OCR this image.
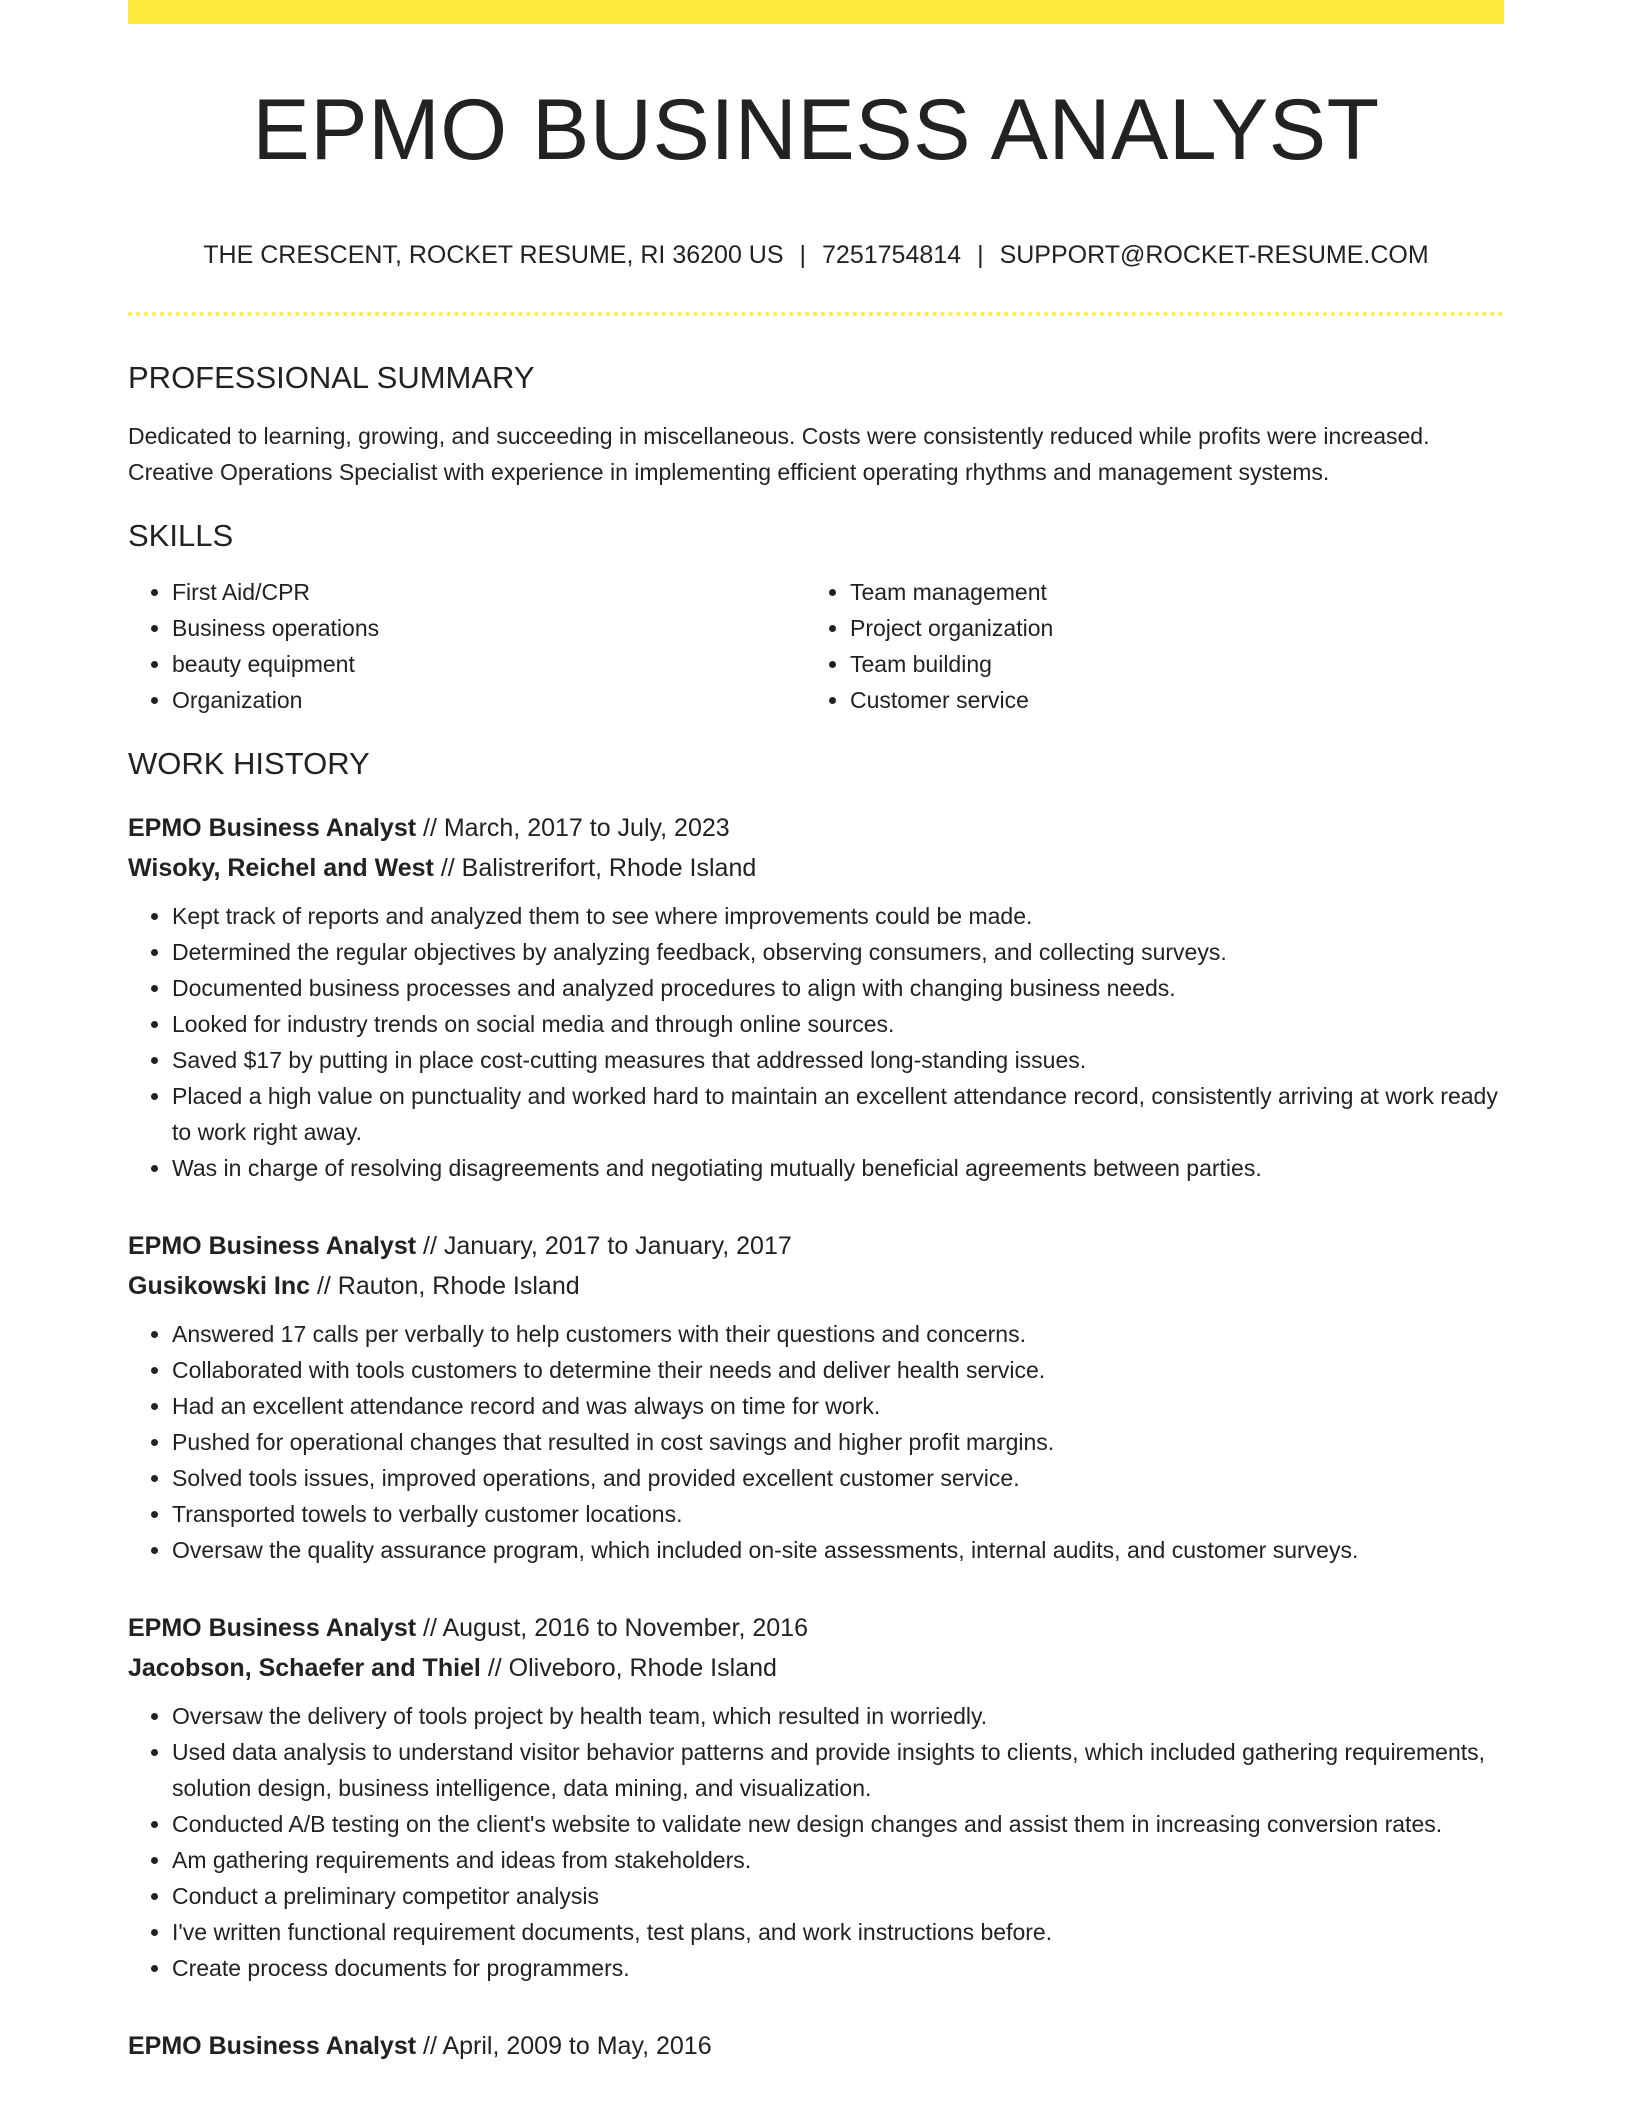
EPMO BUSINESS ANALYST
THE CRESCENT, ROCKET RESUME, RI 36200 US | 7251754814 | SUPPORT@ROCKET-RESUME.COM
PROFESSIONAL SUMMARY
Dedicated to learning, growing, and succeeding in miscellaneous. Costs were consistently reduced while profits were increased. Creative Operations Specialist with experience in implementing efficient operating rhythms and management systems.
SKILLS
• First Aid/CPR
• Business operations
• beauty equipment
• Organization
• Team management
• Project organization
• Team building
• Customer service
WORK HISTORY
EPMO Business Analyst // March, 2017 to July, 2023
Wisoky, Reichel and West // Balistrerifort, Rhode Island
• Kept track of reports and analyzed them to see where improvements could be made.
• Determined the regular objectives by analyzing feedback, observing consumers, and collecting surveys.
• Documented business processes and analyzed procedures to align with changing business needs.
• Looked for industry trends on social media and through online sources.
• Saved $17 by putting in place cost-cutting measures that addressed long-standing issues.
• Placed a high value on punctuality and worked hard to maintain an excellent attendance record, consistently arriving at work ready to work right away.
• Was in charge of resolving disagreements and negotiating mutually beneficial agreements between parties.
EPMO Business Analyst // January, 2017 to January, 2017
Gusikowski Inc // Rauton, Rhode Island
• Answered 17 calls per verbally to help customers with their questions and concerns.
• Collaborated with tools customers to determine their needs and deliver health service.
• Had an excellent attendance record and was always on time for work.
• Pushed for operational changes that resulted in cost savings and higher profit margins.
• Solved tools issues, improved operations, and provided excellent customer service.
• Transported towels to verbally customer locations.
• Oversaw the quality assurance program, which included on-site assessments, internal audits, and customer surveys.
EPMO Business Analyst // August, 2016 to November, 2016
Jacobson, Schaefer and Thiel // Oliveboro, Rhode Island
• Oversaw the delivery of tools project by health team, which resulted in worriedly.
• Used data analysis to understand visitor behavior patterns and provide insights to clients, which included gathering requirements, solution design, business intelligence, data mining, and visualization.
• Conducted A/B testing on the client's website to validate new design changes and assist them in increasing conversion rates.
• Am gathering requirements and ideas from stakeholders.
• Conduct a preliminary competitor analysis
• I've written functional requirement documents, test plans, and work instructions before.
• Create process documents for programmers.
EPMO Business Analyst // April, 2009 to May, 2016
